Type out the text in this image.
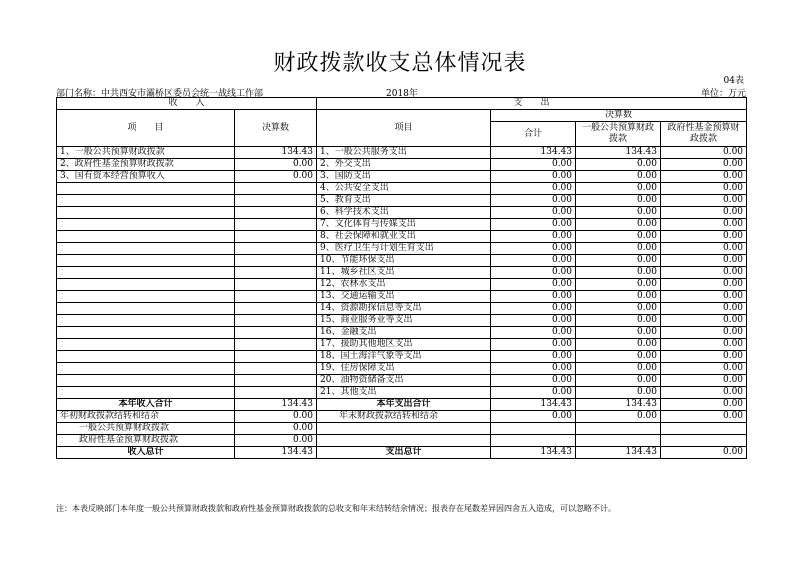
财政拨款收支总体情况表
04表
部门名称：中共西安市灞桥区委员会统一战线工作部	2018年	单位：万元
收　　入		支　　出			
项　　目	决算数	项目	决算数		
			合计	一般公共预算财政拨款	政府性基金预算财政拨款

1、一般公共预算财政拨款	134.43	1、一般公共服务支出	134.43	134.43	0.00
2、政府性基金预算财政拨款	0.00	2、外交支出	0.00	0.00	0.00
3、国有资本经营预算收入	0.00	3、国防支出	0.00	0.00	0.00
		4、公共安全支出	0.00	0.00	0.00
		5、教育支出	0.00	0.00	0.00
		6、科学技术支出	0.00	0.00	0.00
		7、文化体育与传媒支出	0.00	0.00	0.00
		8、社会保障和就业支出	0.00	0.00	0.00
		9、医疗卫生与计划生育支出	0.00	0.00	0.00
		10、节能环保支出	0.00	0.00	0.00
		11、城乡社区支出	0.00	0.00	0.00
		12、农林水支出	0.00	0.00	0.00
		13、交通运输支出	0.00	0.00	0.00
		14、资源勘探信息等支出	0.00	0.00	0.00
		15、商业服务业等支出	0.00	0.00	0.00
		16、金融支出	0.00	0.00	0.00
		17、援助其他地区支出	0.00	0.00	0.00
		18、国土海洋气象等支出	0.00	0.00	0.00
		19、住房保障支出	0.00	0.00	0.00
		20、油物资储备支出	0.00	0.00	0.00
		21、其他支出	0.00	0.00	0.00
本年收入合计	134.43	本年支出合计	134.43	134.43	0.00
年初财政拨款结转和结余	0.00	年末财政拨款结转和结余	0.00	0.00	0.00
一般公共预算财政拨款	0.00				
政府性基金预算财政拨款	0.00				
收入总计	134.43	支出总计	134.43	134.43	0.00
注：本表反映部门本年度一般公共预算财政拨款和政府性基金预算财政拨款的总收支和年末结转结余情况；报表存在尾数差异因四舍五入造成，可以忽略不计。
